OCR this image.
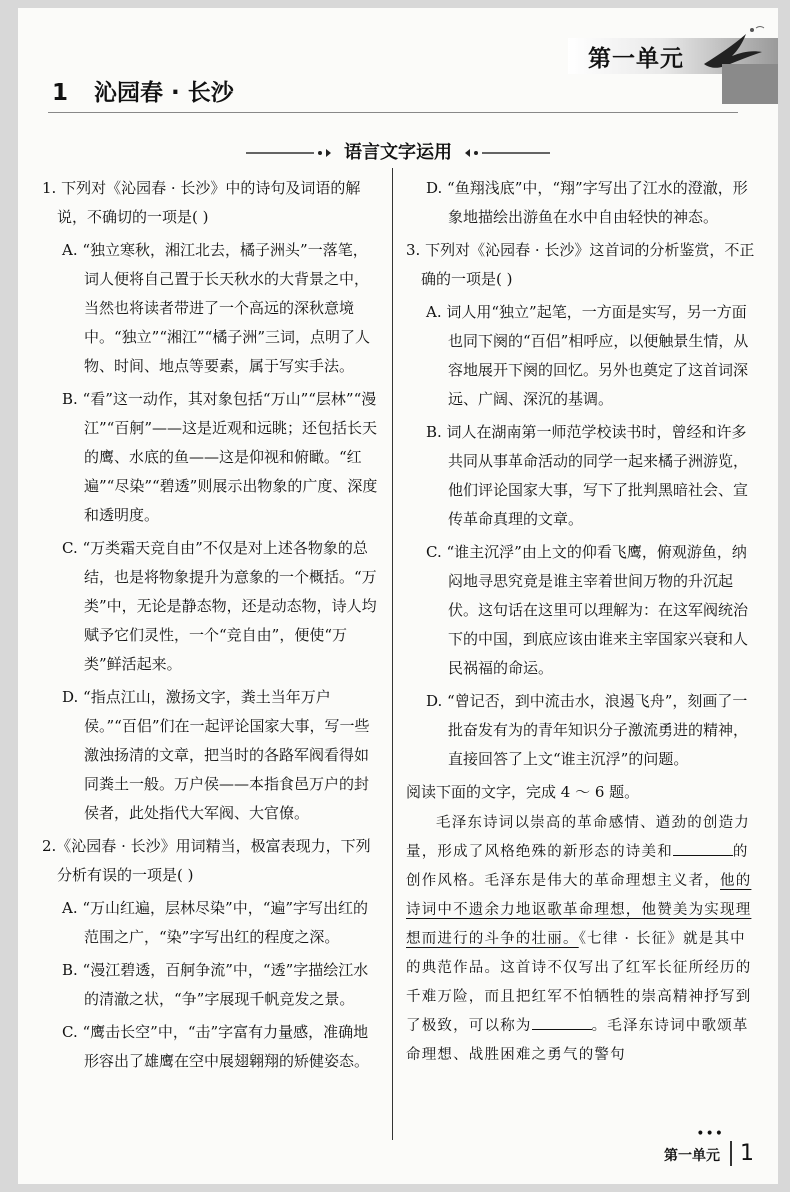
第一单元
1 沁园春 · 长沙
语言文字运用

1. 下列对《沁园春 · 长沙》中的诗句及词语的解说，不确切的一项是( )

A. “独立寒秋，湘江北去，橘子洲头”一落笔，词人便将自己置于长天秋水的大背景之中，当然也将读者带进了一个高远的深秋意境中。“独立”“湘江”“橘子洲”三词，点明了人物、时间、地点等要素，属于写实手法。

B. “看”这一动作，其对象包括“万山”“层林”“漫江”“百舸”——这是近观和远眺；还包括长天的鹰、水底的鱼——这是仰视和俯瞰。“红遍”“尽染”“碧透”则展示出物象的广度、深度和透明度。

C. “万类霜天竞自由”不仅是对上述各物象的总结，也是将物象提升为意象的一个概括。“万类”中，无论是静态物，还是动态物，诗人均赋予它们灵性，一个“竞自由”，便使“万类”鲜活起来。

D. “指点江山，激扬文字，粪土当年万户侯。”“百侣”们在一起评论国家大事，写一些激浊扬清的文章，把当时的各路军阀看得如同粪土一般。万户侯——本指食邑万户的封侯者，此处指代大军阀、大官僚。

2.《沁园春 · 长沙》用词精当，极富表现力，下列分析有误的一项是( )

A. “万山红遍，层林尽染”中，“遍”字写出红的范围之广，“染”字写出红的程度之深。

B. “漫江碧透，百舸争流”中，“透”字描绘江水的清澈之状，“争”字展现千帆竞发之景。

C. “鹰击长空”中，“击”字富有力量感，准确地形容出了雄鹰在空中展翅翱翔的矫健姿态。

D. “鱼翔浅底”中，“翔”字写出了江水的澄澈，形象地描绘出游鱼在水中自由轻快的神态。

3. 下列对《沁园春 · 长沙》这首词的分析鉴赏，不正确的一项是( )

A. 词人用“独立”起笔，一方面是实写，另一方面也同下阕的“百侣”相呼应，以便触景生情，从容地展开下阕的回忆。另外也奠定了这首词深远、广阔、深沉的基调。

B. 词人在湖南第一师范学校读书时，曾经和许多共同从事革命活动的同学一起来橘子洲游览，他们评论国家大事，写下了批判黑暗社会、宣传革命真理的文章。

C. “谁主沉浮”由上文的仰看飞鹰，俯观游鱼，纳闷地寻思究竟是谁主宰着世间万物的升沉起伏。这句话在这里可以理解为：在这军阀统治下的中国，到底应该由谁来主宰国家兴衰和人民祸福的命运。

D. “曾记否，到中流击水，浪遏飞舟”，刻画了一批奋发有为的青年知识分子激流勇进的精神，直接回答了上文“谁主沉浮”的问题。

阅读下面的文字，完成 4 ～ 6 题。

毛泽东诗词以崇高的革命感情、遒劲的创造力量，形成了风格绝殊的新形态的诗美和	的创作风格。毛泽东是伟大的革命理想主义者，他的诗词中不遗余力地讴歌革命理想，他赞美为实现理想而进行的斗争的壮丽。《七律 · 长征》就是其中的典范作品。这首诗不仅写出了红军长征所经历的千难万险，而且把红军不怕牺牲的崇高精神抒写到了极致，可以称为	。毛泽东诗词中歌颂革命理想、战胜困难之勇气的警句

•••
第一单元 1
